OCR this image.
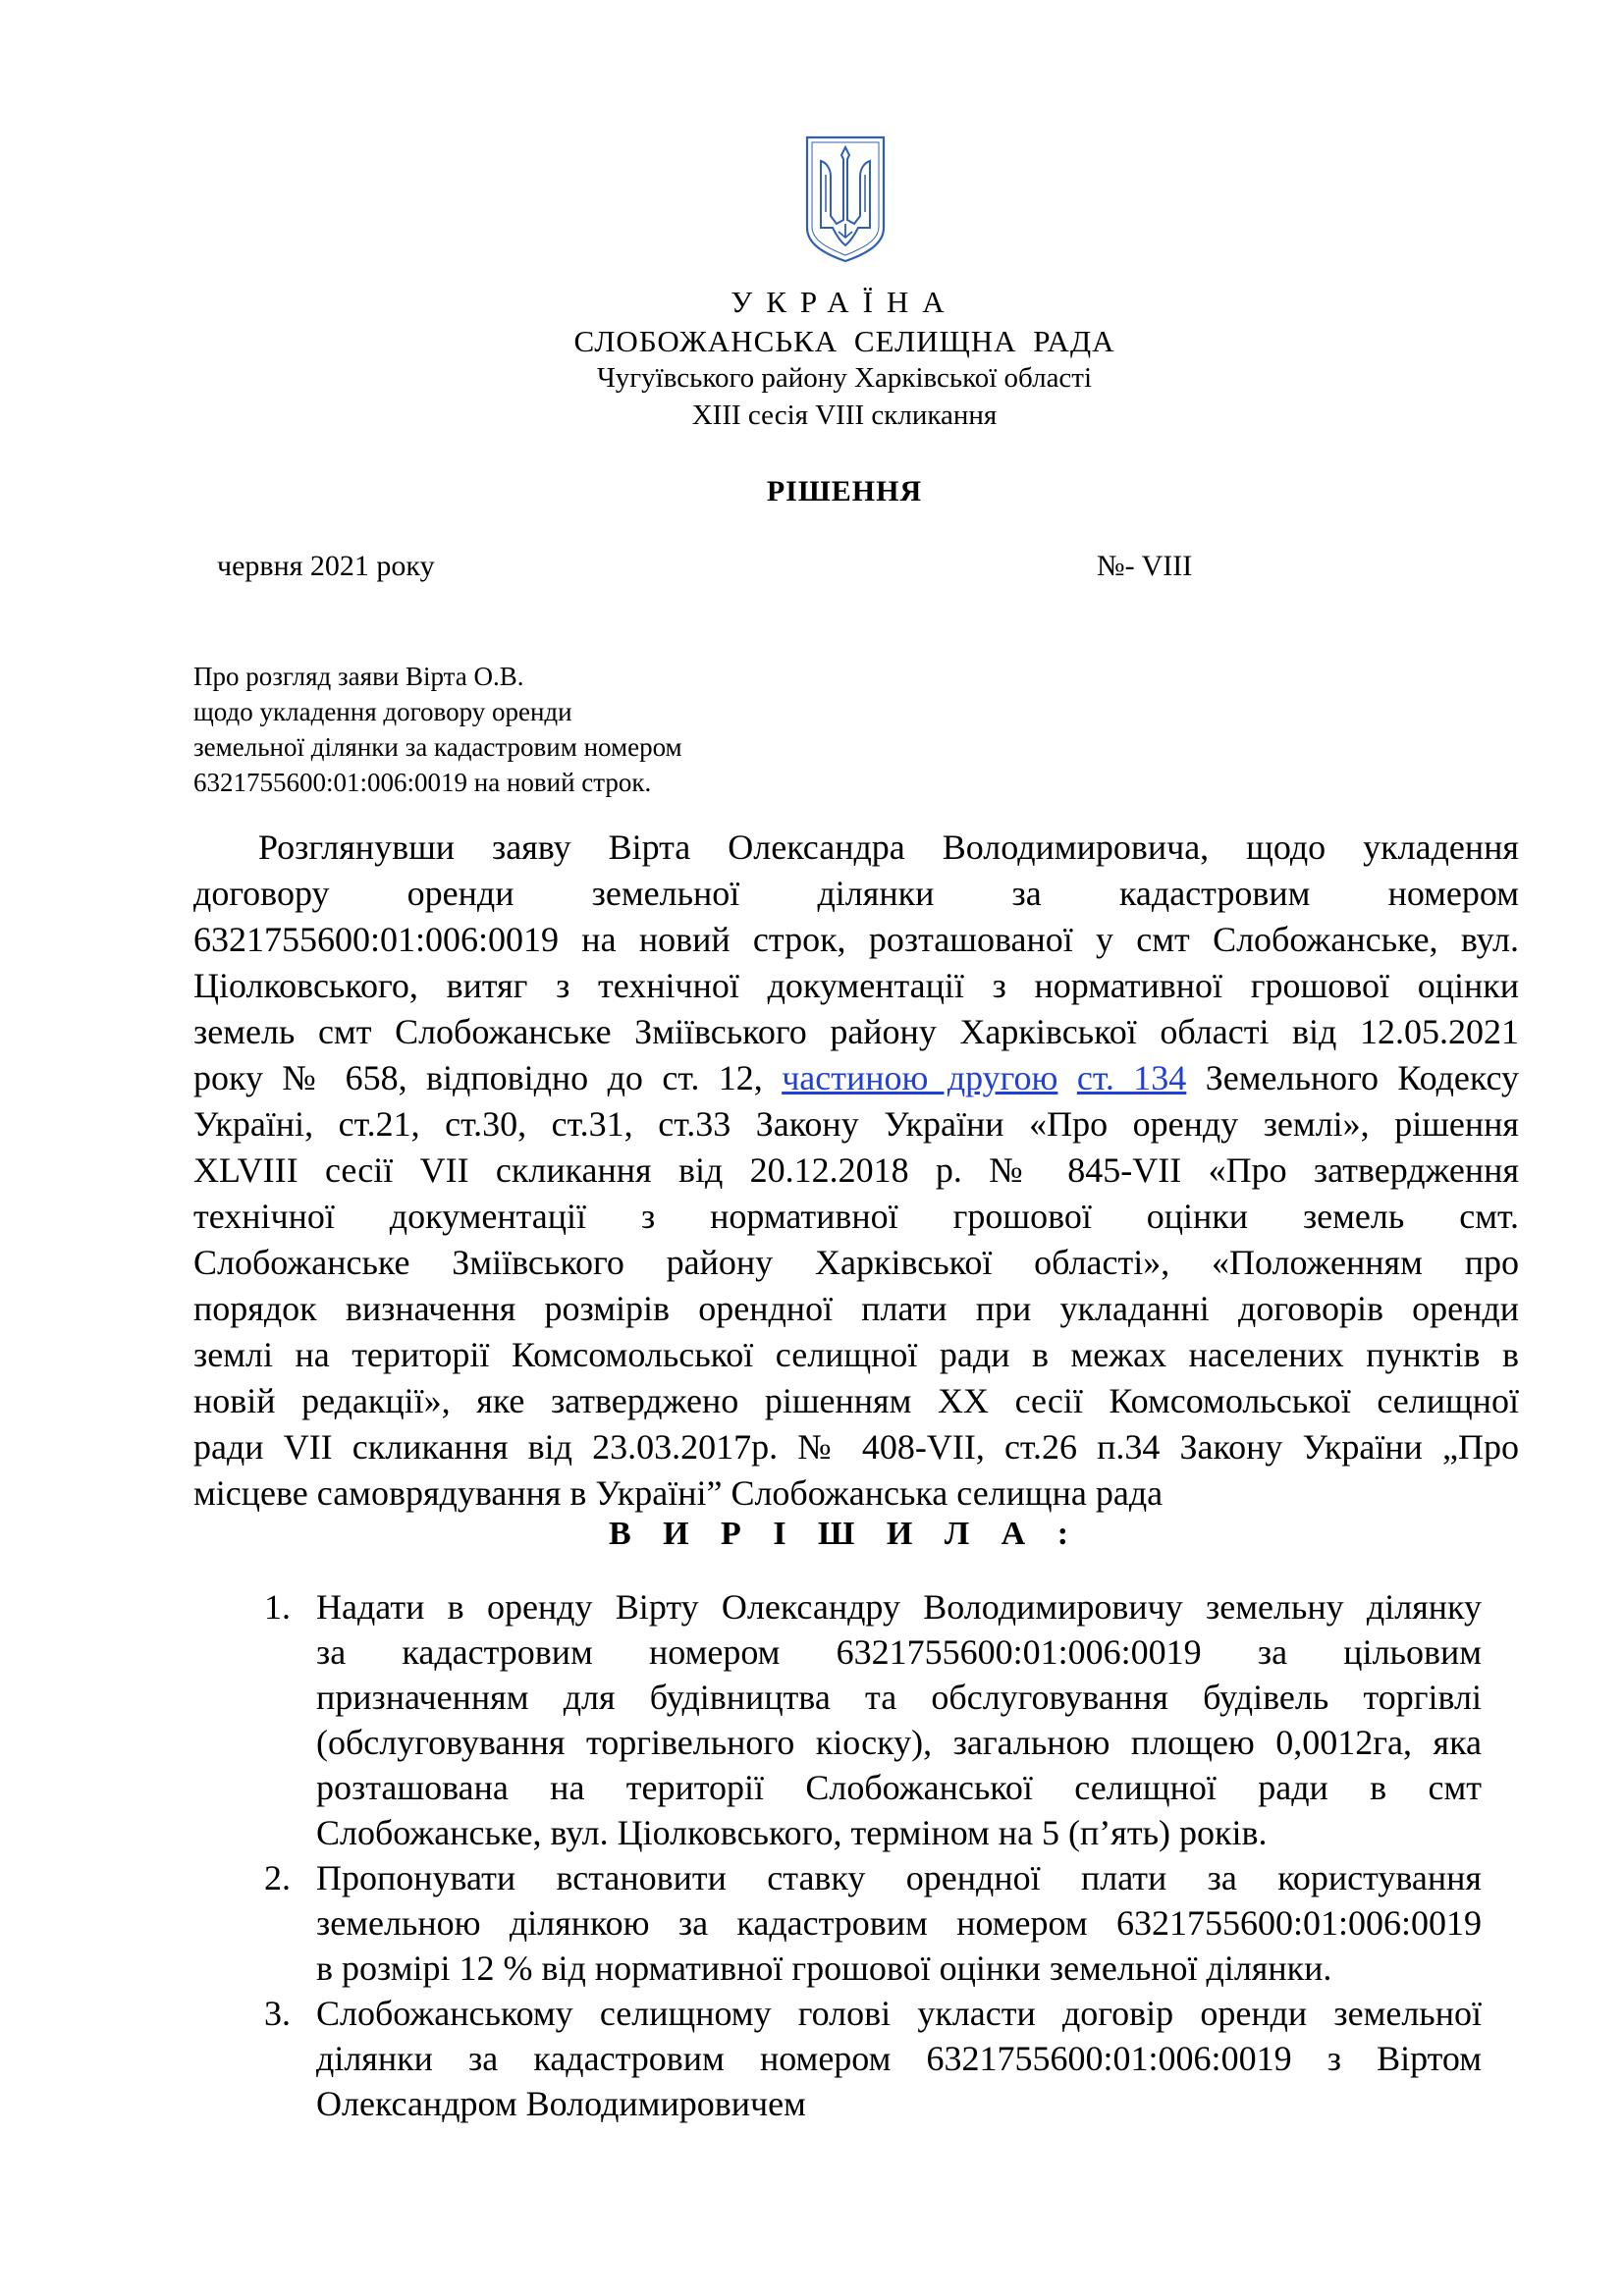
УКРАЇНА
СЛОБОЖАНСЬКА СЕЛИЩНА РАДА
Чугуївського району Харківської області
XIII сесія VIII скликання
РІШЕННЯ
червня 2021 року	№- VIII
Про розгляд заяви Вірта О.В.
щодо укладення договору оренди
земельної ділянки за кадастровим номером
6321755600:01:006:0019 на новий строк.
Розглянувши заяву Вірта Олександра Володимировича, щодо укладення
договору оренди земельної ділянки за кадастровим номером
6321755600:01:006:0019 на новий строк, розташованої у смт Слобожанське, вул.
Ціолковського, витяг з технічної документації з нормативної грошової оцінки
земель смт Слобожанське Зміївського району Харківської області від 12.05.2021
року № 658, відповідно до ст. 12, частиною другою ст. 134 Земельного Кодексу
Україні, ст.21, ст.30, ст.31, ст.33 Закону України «Про оренду землі», рішення
XLVIII сесії VII скликання від 20.12.2018 р. № 845-VII «Про затвердження
технічної документації з нормативної грошової оцінки земель смт.
Слобожанське Зміївського району Харківської області», «Положенням про
порядок визначення розмірів орендної плати при укладанні договорів оренди
землі на території Комсомольської селищної ради в межах населених пунктів в
новій редакції», яке затверджено рішенням XX сесії Комсомольської селищної
ради VII скликання від 23.03.2017р. № 408-VII, ст.26 п.34 Закону України „Про
місцеве самоврядування в Україні” Слобожанська селищна рада
В И Р І Ш И Л А :
1. Надати в оренду Вірту Олександру Володимировичу земельну ділянку
за кадастровим номером 6321755600:01:006:0019 за цільовим
призначенням для будівництва та обслуговування будівель торгівлі
(обслуговування торгівельного кіоску), загальною площею 0,0012га, яка
розташована на території Слобожанської селищної ради в смт
Слобожанське, вул. Ціолковського, терміном на 5 (п’ять) років.
2. Пропонувати встановити ставку орендної плати за користування
земельною ділянкою за кадастровим номером 6321755600:01:006:0019
в розмірі 12 % від нормативної грошової оцінки земельної ділянки.
3. Слобожанському селищному голові укласти договір оренди земельної
ділянки за кадастровим номером 6321755600:01:006:0019 з Віртом
Олександром Володимировичем
